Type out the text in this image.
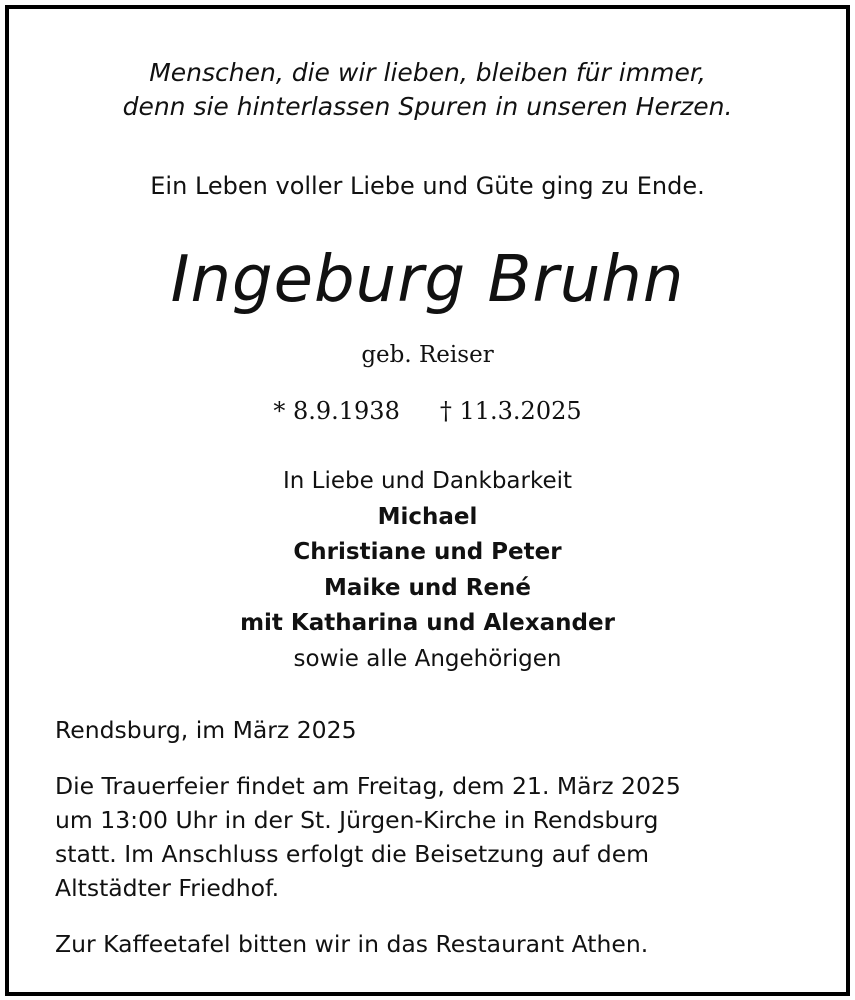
Menschen, die wir lieben, bleiben für immer,

denn sie hinterlassen Spuren in unseren Herzen.

Ein Leben voller Liebe und Güte ging zu Ende.
Ingeburg Bruhn
geb. Reiser
* 8.9.1938 † 11.3.2025

In Liebe und Dankbarkeit

Michael

Christiane und Peter

Maike und René

mit Katharina und Alexander

sowie alle Angehörigen

Rendsburg, im März 2025

Die Trauerfeier findet am Freitag, dem 21. März 2025

um 13:00 Uhr in der St. Jürgen-Kirche in Rendsburg

statt. Im Anschluss erfolgt die Beisetzung auf dem

Altstädter Friedhof.

Zur Kaffeetafel bitten wir in das Restaurant Athen.
